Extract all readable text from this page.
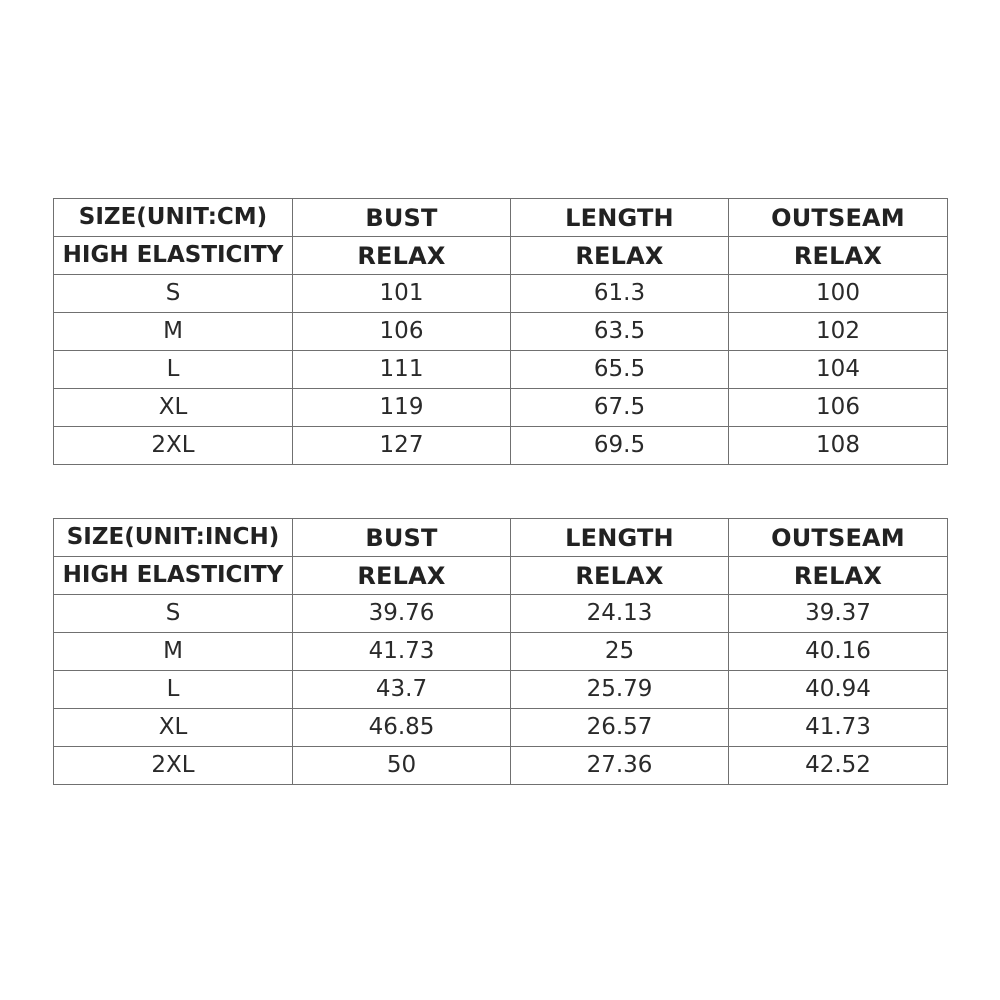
SIZE(UNIT:CM)	BUST	LENGTH	OUTSEAM
HIGH ELASTICITY	RELAX	RELAX	RELAX
S	101	61.3	100
M	106	63.5	102
L	111	65.5	104
XL	119	67.5	106
2XL	127	69.5	108
SIZE(UNIT:INCH)	BUST	LENGTH	OUTSEAM
HIGH ELASTICITY	RELAX	RELAX	RELAX
S	39.76	24.13	39.37
M	41.73	25	40.16
L	43.7	25.79	40.94
XL	46.85	26.57	41.73
2XL	50	27.36	42.52
